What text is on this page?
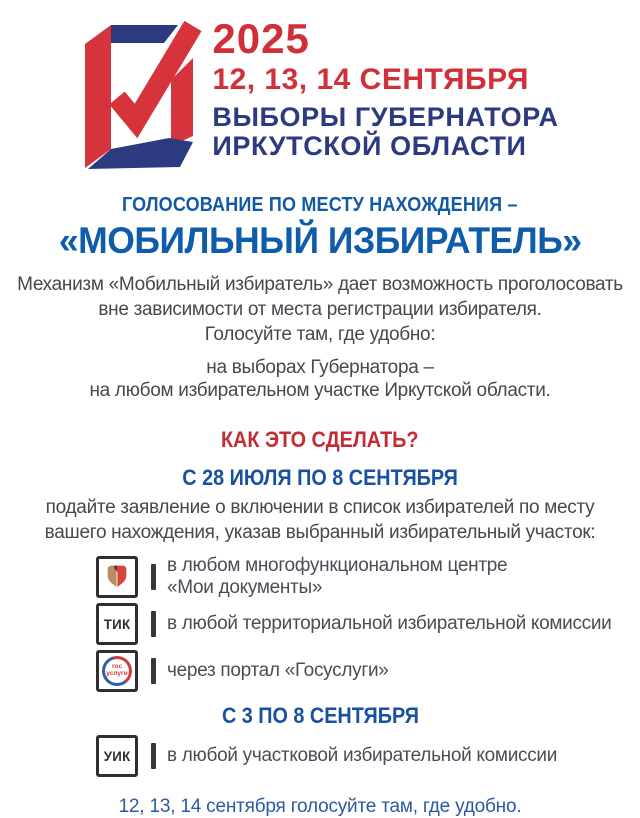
2025
12, 13, 14 СЕНТЯБРЯ
ВЫБОРЫ ГУБЕРНАТОРА
ИРКУТСКОЙ ОБЛАСТИ
ГОЛОСОВАНИЕ ПО МЕСТУ НАХОЖДЕНИЯ –
«МОБИЛЬНЫЙ ИЗБИРАТЕЛЬ»
Механизм «Мобильный избиратель» дает возможность проголосовать вне зависимости от места регистрации избирателя.
Голосуйте там, где удобно:
на выборах Губернатора –
на любом избирательном участке Иркутской области.
КАК ЭТО СДЕЛАТЬ?
С 28 ИЮЛЯ ПО 8 СЕНТЯБРЯ
подайте заявление о включении в список избирателей по месту вашего нахождения, указав выбранный избирательный участок:
в любом многофункциональном центре
«Мои документы»
ТИК в любой территориальной избирательной комиссии
гос
услуги через портал «Госуслуги»
С 3 ПО 8 СЕНТЯБРЯ
УИК в любой участковой избирательной комиссии
12, 13, 14 сентября голосуйте там, где удобно.
